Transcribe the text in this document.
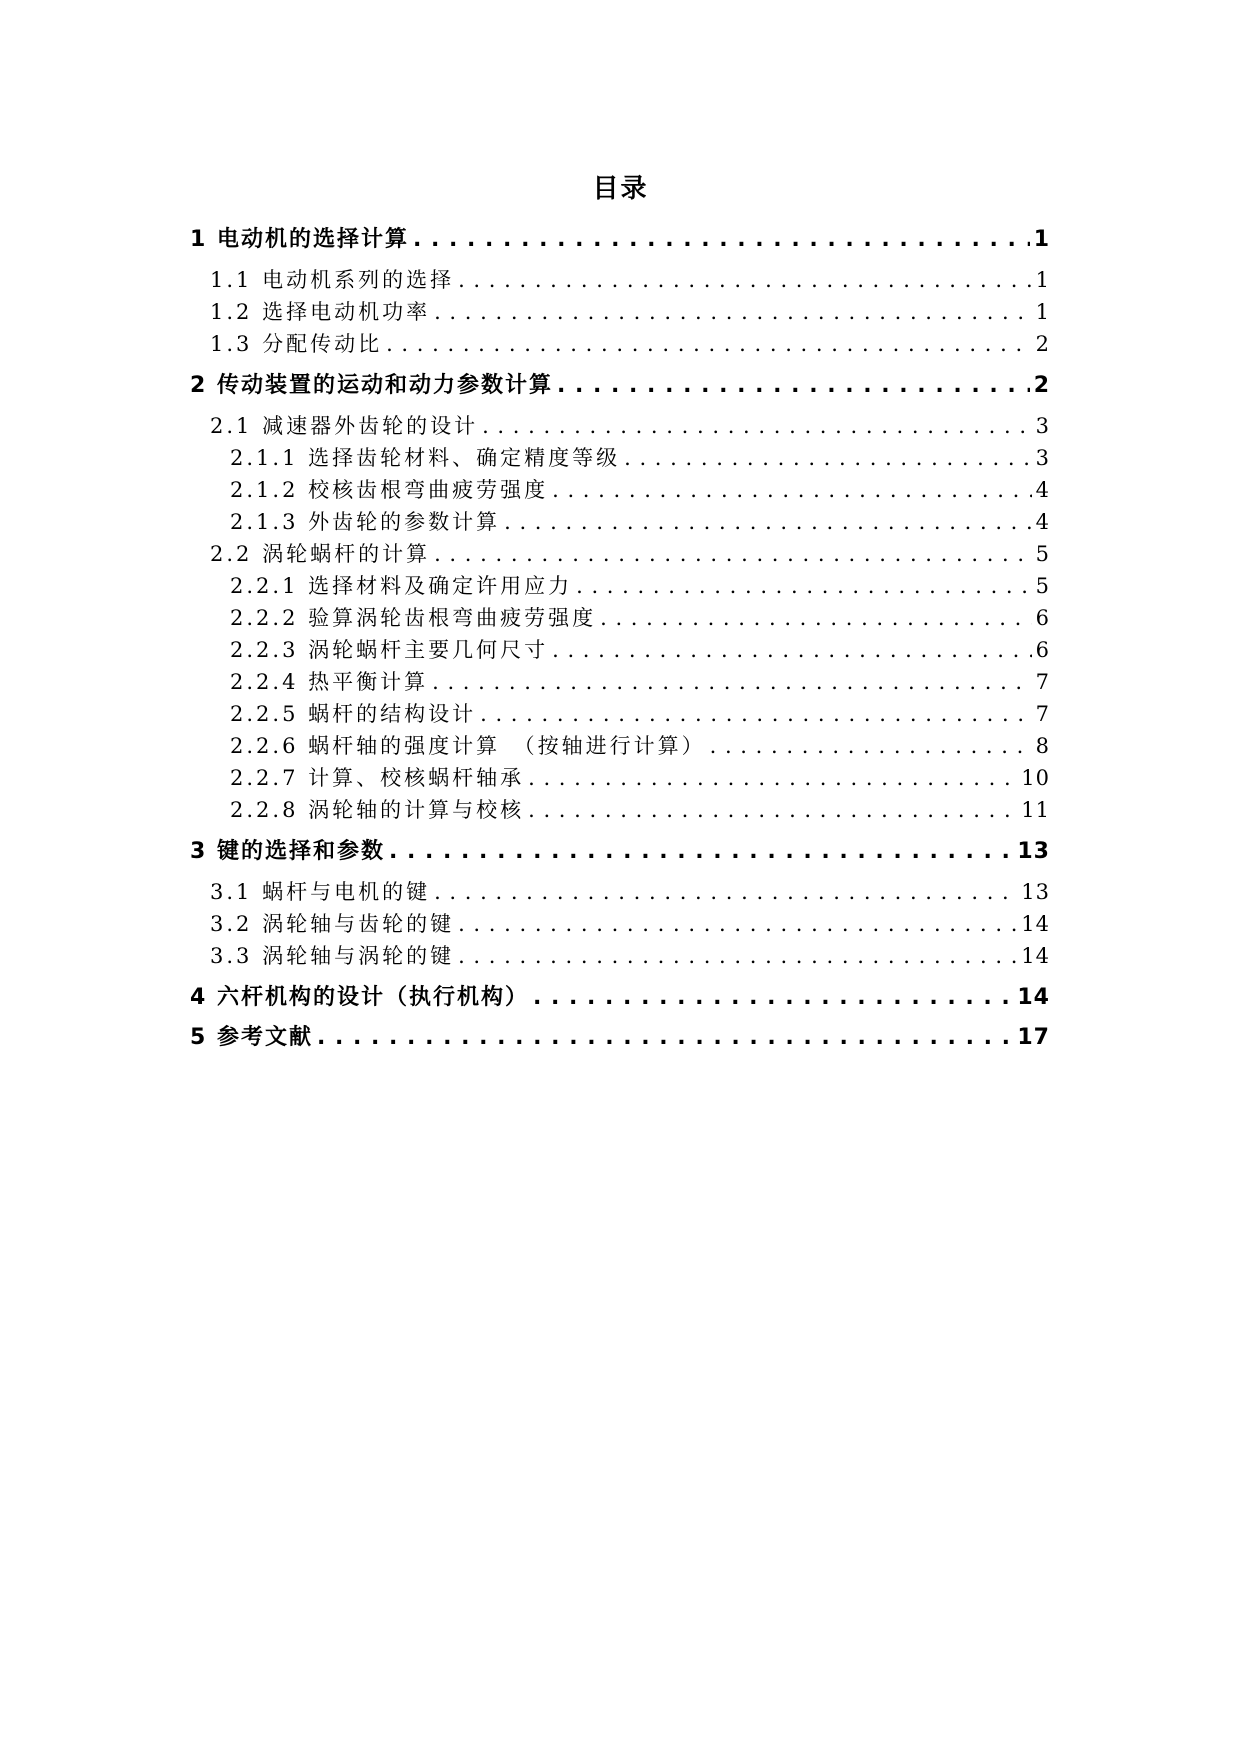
目录
1 电动机的选择计算 . . .	1
1.1 电动机系列的选择 . . .	1
1.2 选择电动机功率 . . .	1
1.3 分配传动比 . . .	2
2 传动装置的运动和动力参数计算 . . .	2
2.1 减速器外齿轮的设计 . . .	3
2.1.1 选择齿轮材料、确定精度等级 . . .	3
2.1.2 校核齿根弯曲疲劳强度 . . .	4
2.1.3 外齿轮的参数计算 . . .	4
2.2 涡轮蜗杆的计算 . . .	5
2.2.1 选择材料及确定许用应力 . . .	5
2.2.2 验算涡轮齿根弯曲疲劳强度 . . .	6
2.2.3 涡轮蜗杆主要几何尺寸 . . .	6
2.2.4 热平衡计算 . . .	7
2.2.5 蜗杆的结构设计 . . .	7
2.2.6 蜗杆轴的强度计算　（按轴进行计算） . . .	8
2.2.7 计算、校核蜗杆轴承 . . .	10
2.2.8 涡轮轴的计算与校核 . . .	11
3 键的选择和参数 . . .	13
3.1 蜗杆与电机的键 . . .	13
3.2 涡轮轴与齿轮的键 . . .	14
3.3 涡轮轴与涡轮的键 . . .	14
4 六杆机构的设计（执行机构） . . .	14
5 参考文献 . . .	17
